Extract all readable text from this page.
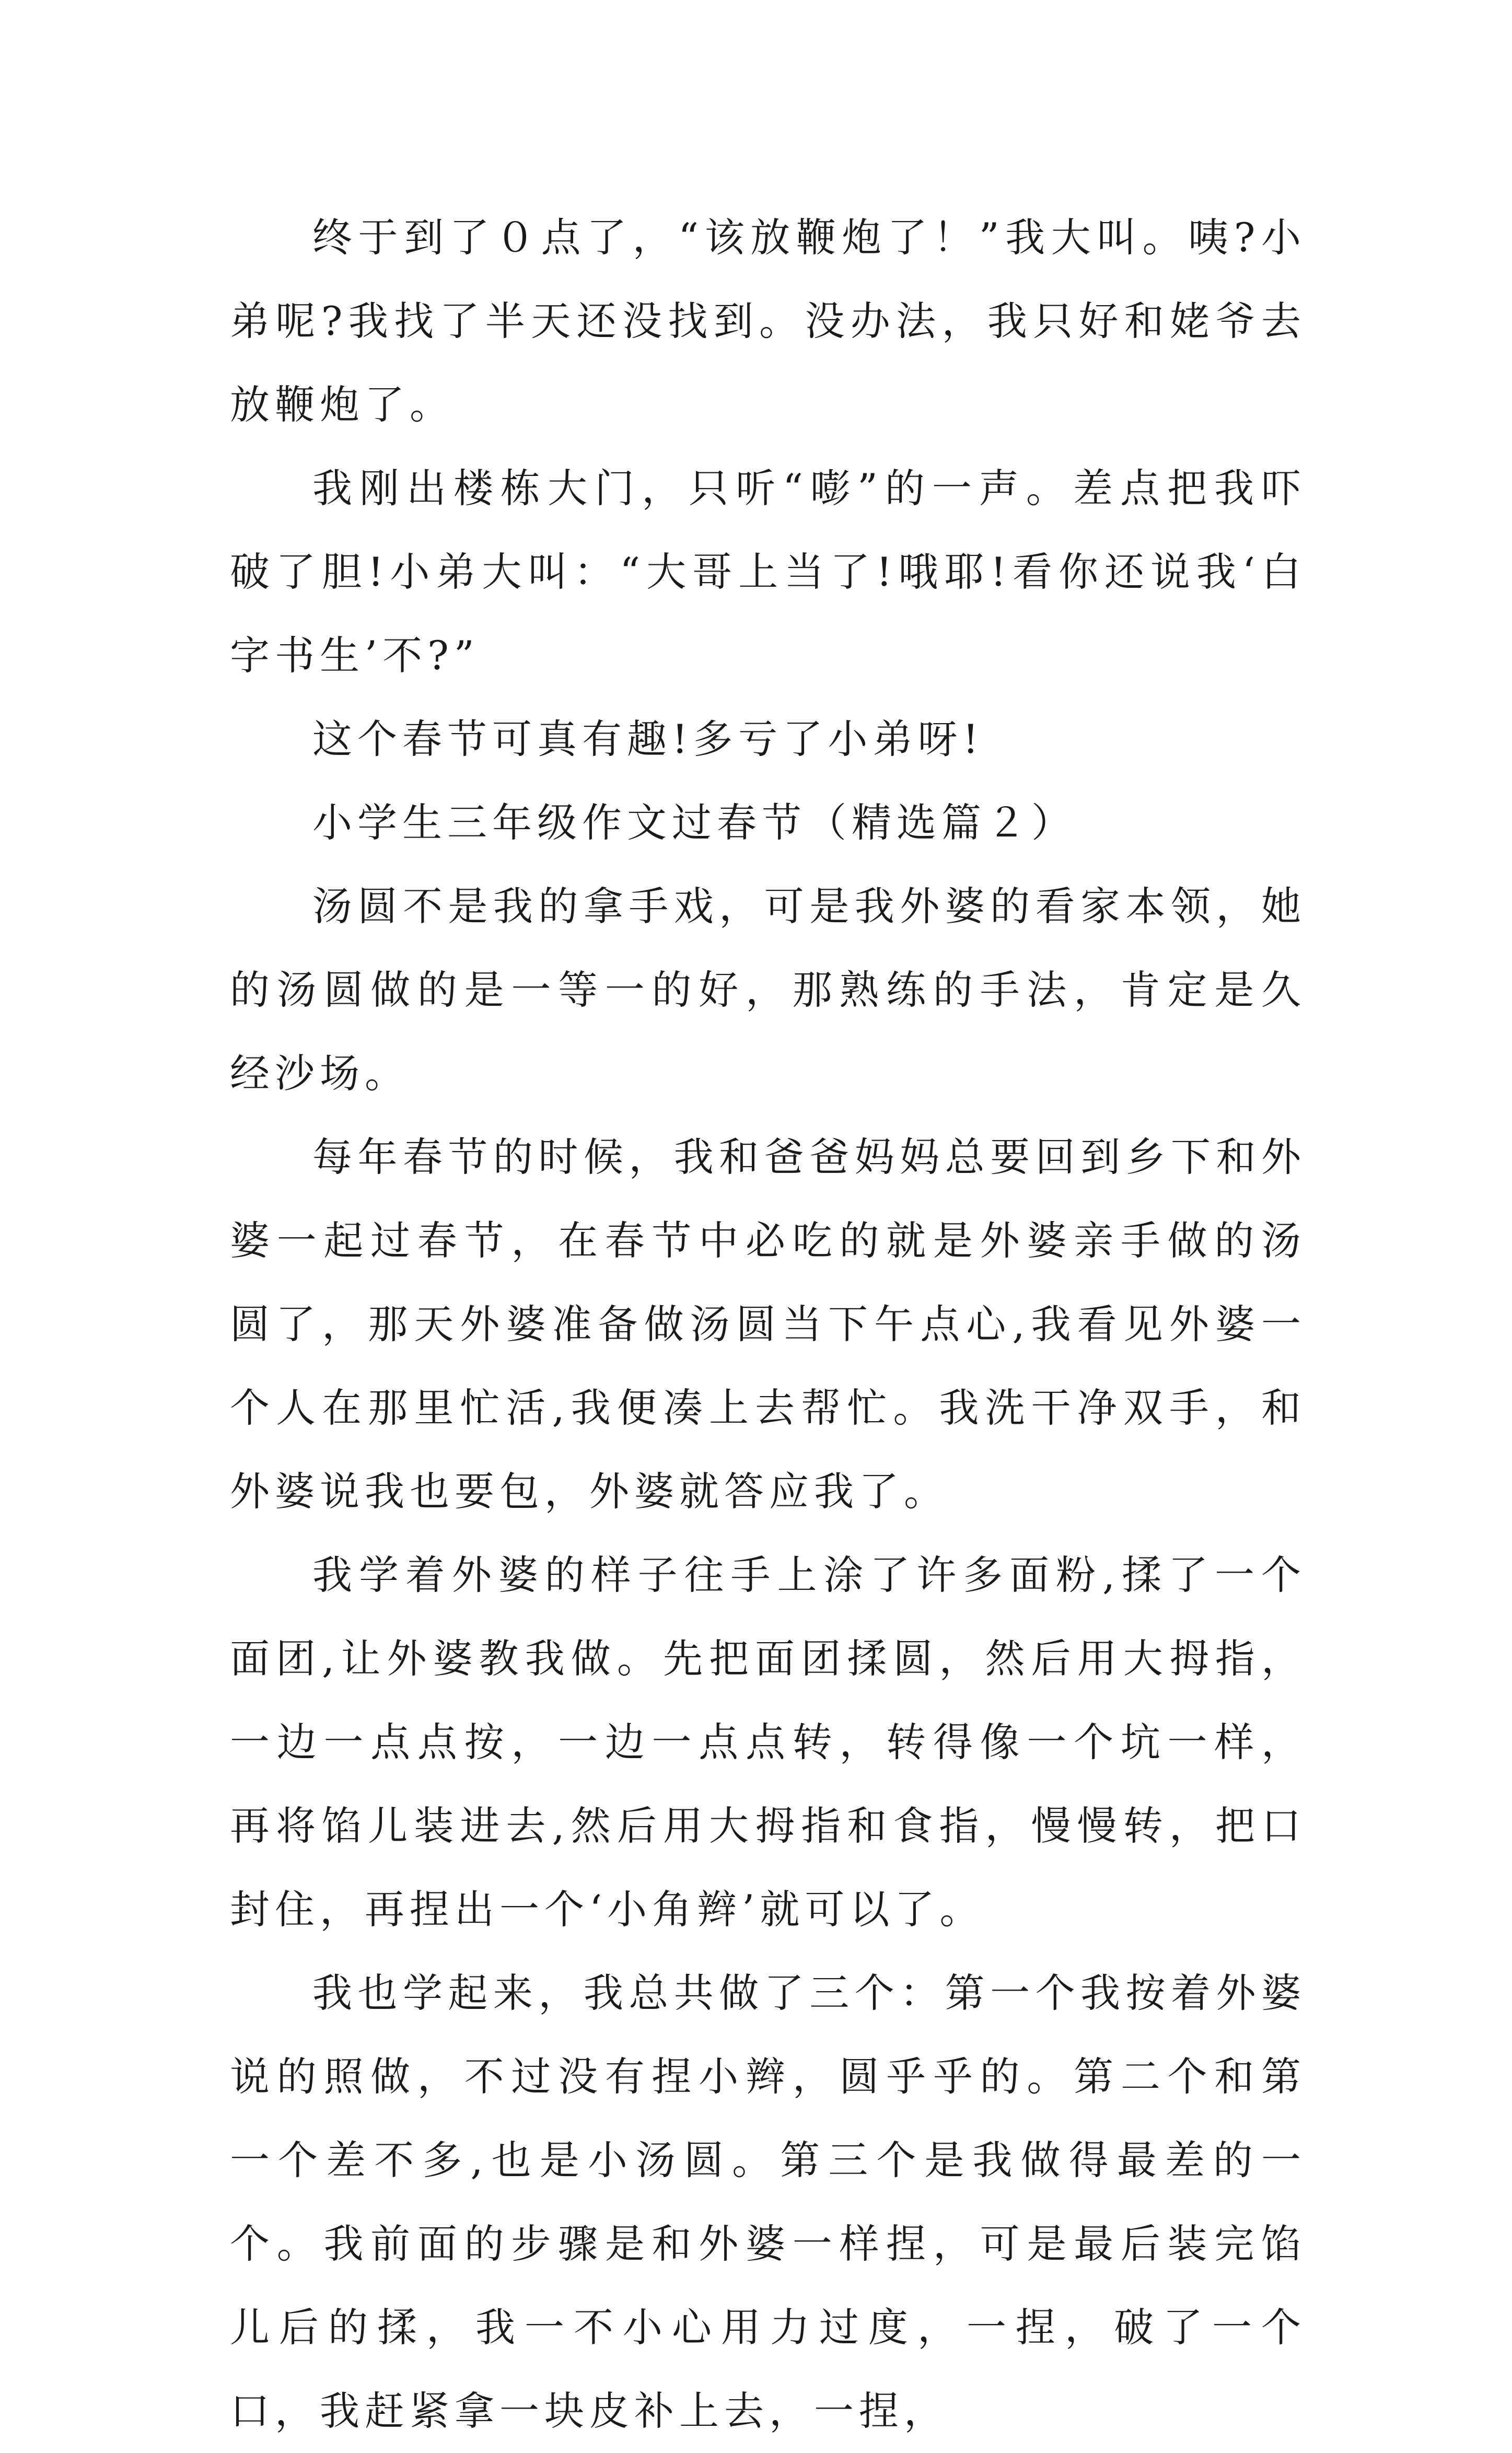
终于到了０点了，“该放鞭炮了！”我大叫。咦?小弟呢?我找了半天还没找到。没办法，我只好和姥爷去放鞭炮了。

我刚出楼栋大门，只听“嘭”的一声。差点把我吓破了胆!小弟大叫：“大哥上当了!哦耶!看你还说我‘白字书生’不?”

这个春节可真有趣!多亏了小弟呀!

小学生三年级作文过春节（精选篇２）

汤圆不是我的拿手戏，可是我外婆的看家本领，她的汤圆做的是一等一的好，那熟练的手法，肯定是久经沙场。

每年春节的时候，我和爸爸妈妈总要回到乡下和外婆一起过春节，在春节中必吃的就是外婆亲手做的汤圆了，那天外婆准备做汤圆当下午点心,我看见外婆一个人在那里忙活,我便凑上去帮忙。我洗干净双手，和外婆说我也要包，外婆就答应我了。

我学着外婆的样子往手上涂了许多面粉,揉了一个面团,让外婆教我做。先把面团揉圆，然后用大拇指，一边一点点按，一边一点点转，转得像一个坑一样，再将馅儿装进去,然后用大拇指和食指，慢慢转，把口封住，再捏出一个‘小角辫’就可以了。

我也学起来，我总共做了三个：第一个我按着外婆说的照做，不过没有捏小辫，圆乎乎的。第二个和第一个差不多,也是小汤圆。第三个是我做得最差的一个。我前面的步骤是和外婆一样捏，可是最后装完馅儿后的揉，我一不小心用力过度，一捏，破了一个口，我赶紧拿一块皮补上去，一捏，
